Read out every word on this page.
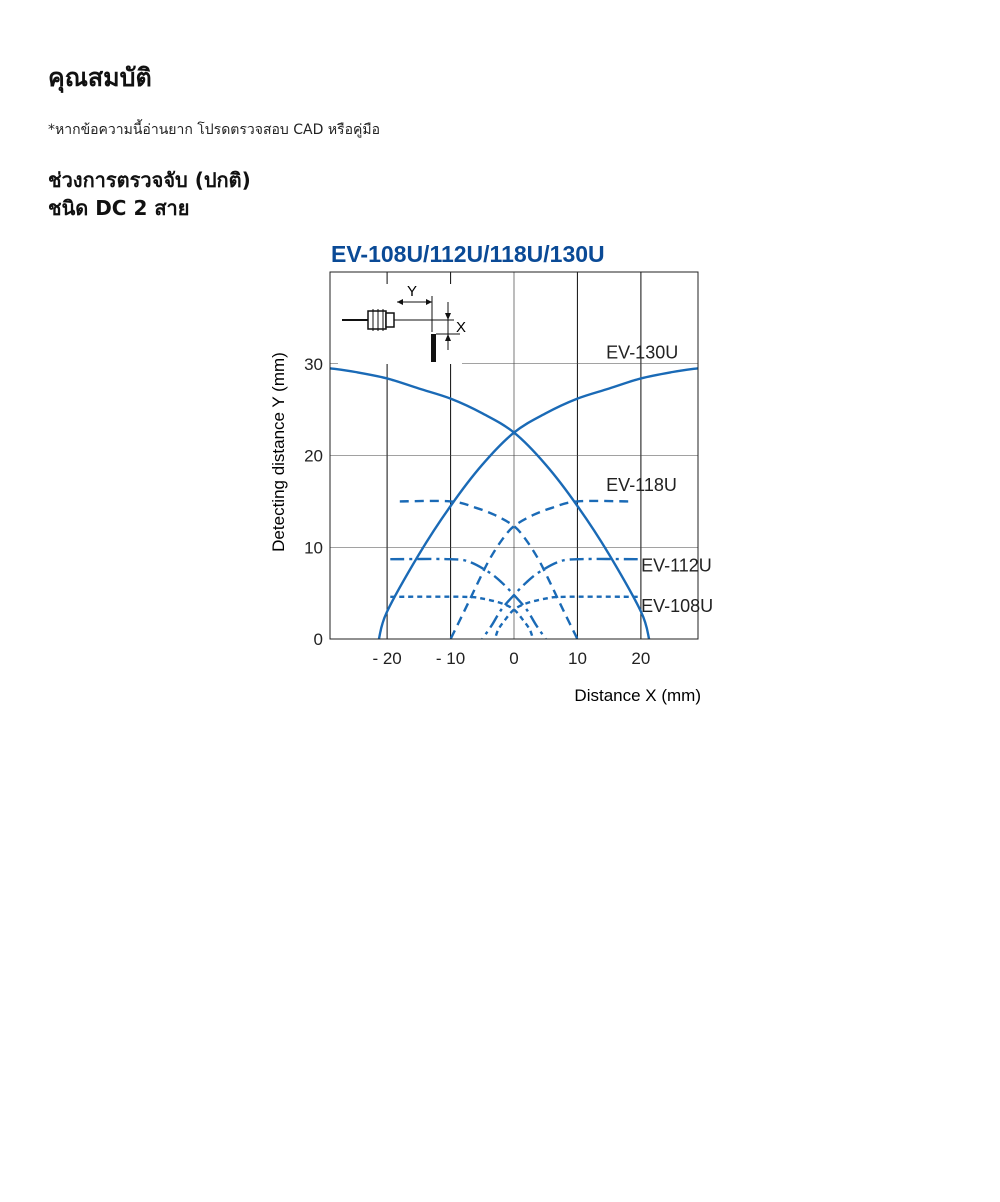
คุณสมบัติ

*หากข้อความนี้อ่านยาก โปรดตรวจสอบ CAD หรือคู่มือ

ช่วงการตรวจจับ (ปกติ)
ชนิด DC 2 สาย
EV-108U/112U/118U/130U
Y
X
- 20 - 10	0	10	20
0
10
20
30
EV-130U
EV-118U
EV-112U
EV-108U
Distance X (mm)
Detecting distance Y (mm)
